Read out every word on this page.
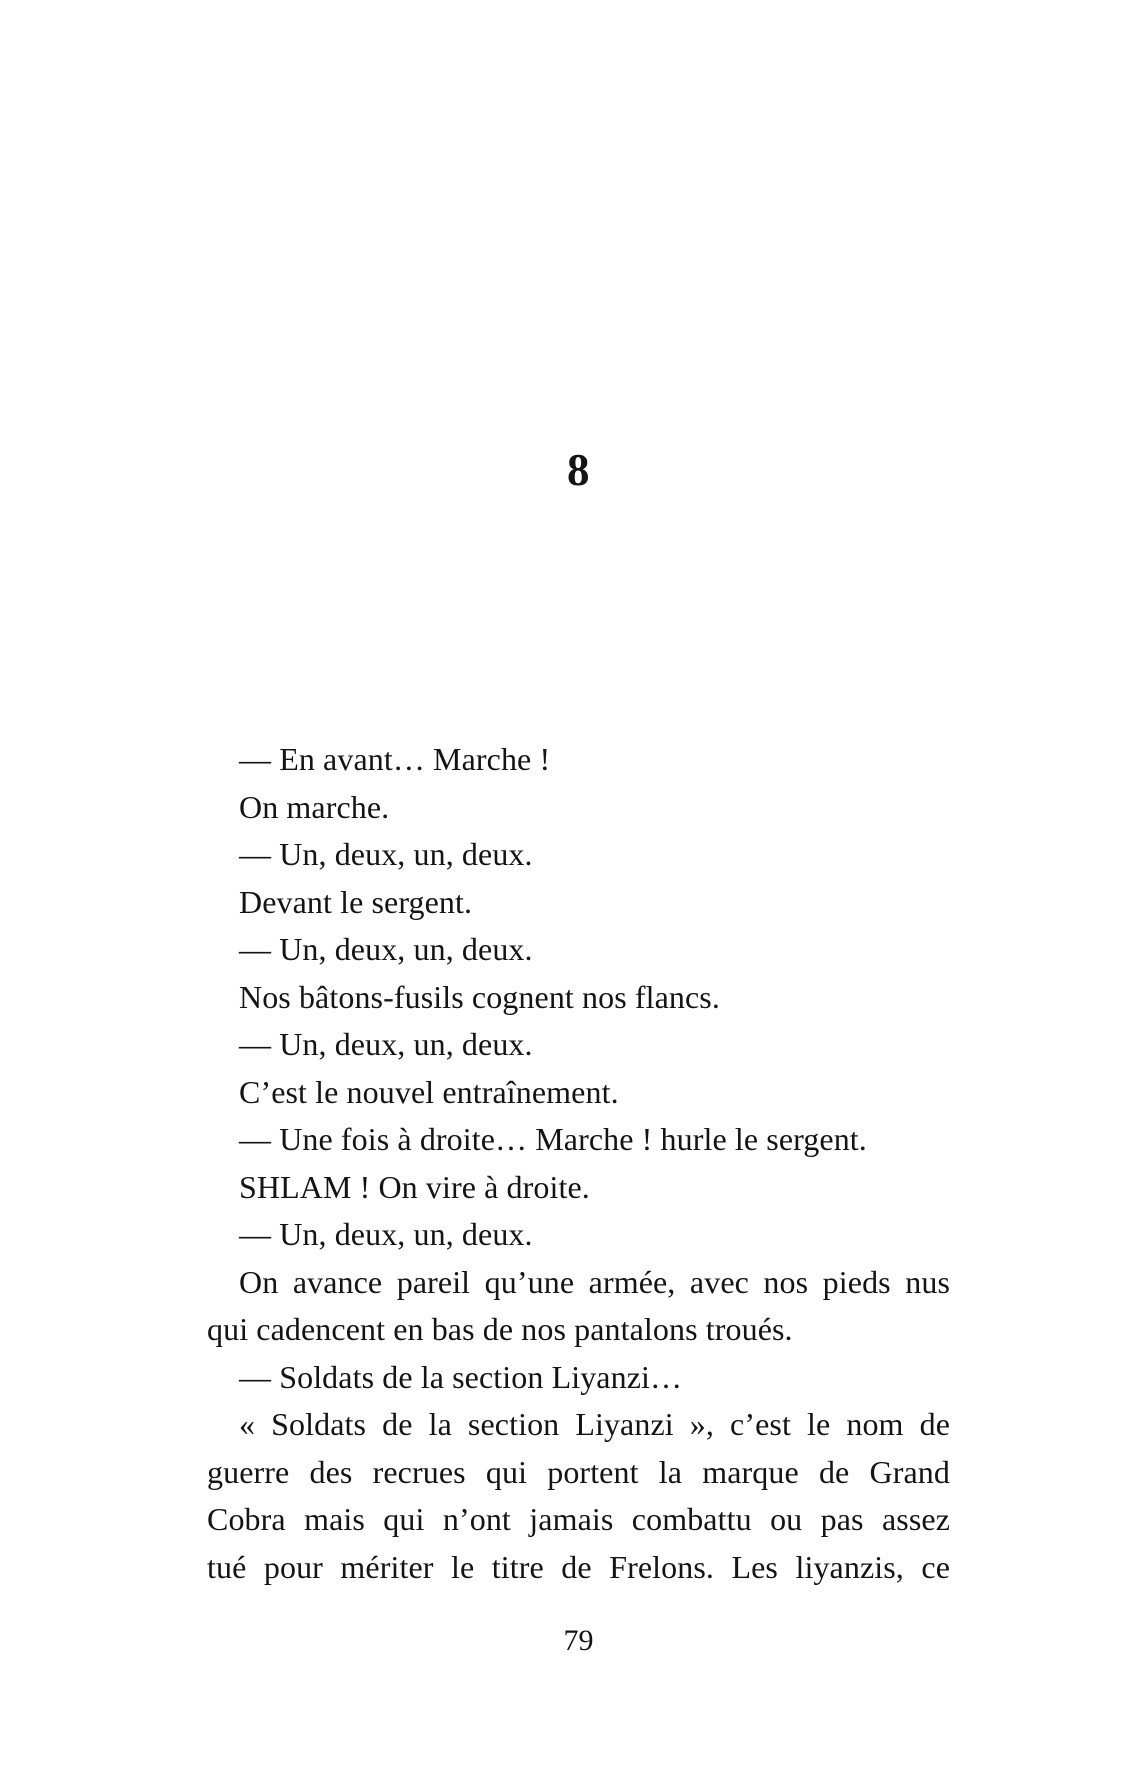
8
— En avant… Marche !
On marche.
— Un, deux, un, deux.
Devant le sergent.
— Un, deux, un, deux.
Nos bâtons-fusils cognent nos flancs.
— Un, deux, un, deux.
C’est le nouvel entraînement.
— Une fois à droite… Marche ! hurle le sergent.
SHLAM ! On vire à droite.
— Un, deux, un, deux.
On avance pareil qu’une armée, avec nos pieds nus
qui cadencent en bas de nos pantalons troués.
— Soldats de la section Liyanzi…
« Soldats de la section Liyanzi », c’est le nom de
guerre des recrues qui portent la marque de Grand
Cobra mais qui n’ont jamais combattu ou pas assez
tué pour mériter le titre de Frelons. Les liyanzis, ce
79
